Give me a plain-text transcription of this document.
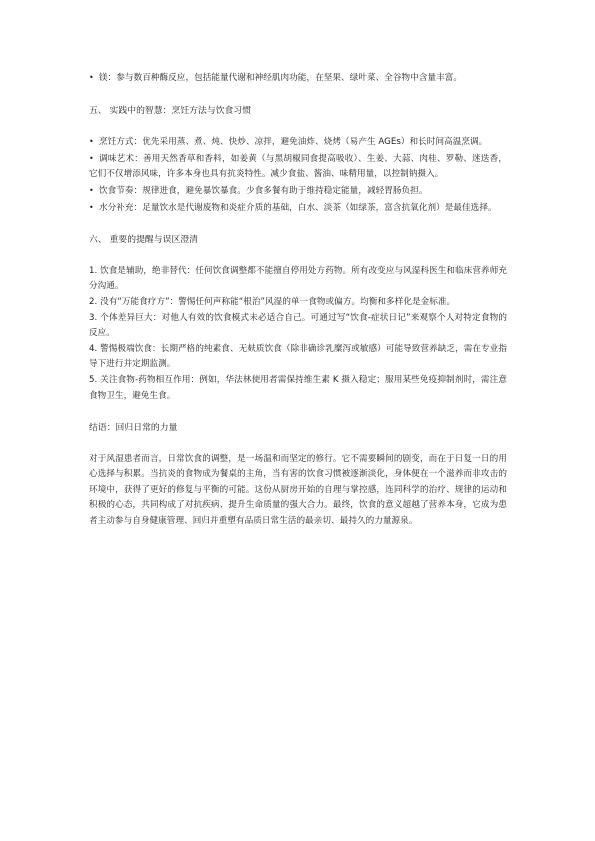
• 镁：参与数百种酶反应，包括能量代谢和神经肌肉功能，在坚果、绿叶菜、全谷物中含量丰富。

五、 实践中的智慧：烹饪方法与饮食习惯

• 烹饪方式：优先采用蒸、煮、炖、快炒、凉拌，避免油炸、烧烤（易产生 AGEs）和长时间高温烹调。

• 调味艺术：善用天然香草和香料，如姜黄（与黑胡椒同食提高吸收）、生姜、大蒜、肉桂、罗勒、迷迭香，它们不仅增添风味，许多本身也具有抗炎特性。减少食盐、酱油、味精用量，以控制钠摄入。

• 饮食节奏：规律进食，避免暴饮暴食。少食多餐有助于维持稳定能量，减轻胃肠负担。

• 水分补充：足量饮水是代谢废物和炎症介质的基础，白水、淡茶（如绿茶，富含抗氧化剂）是最佳选择。

六、 重要的提醒与误区澄清

1. 饮食是辅助，绝非替代：任何饮食调整都不能擅自停用处方药物。所有改变应与风湿科医生和临床营养师充分沟通。

2. 没有“万能食疗方”：警惕任何声称能“根治”风湿的单一食物或偏方。均衡和多样化是金标准。

3. 个体差异巨大：对他人有效的饮食模式未必适合自己。可通过写“饮食-症状日记”来观察个人对特定食物的反应。

4. 警惕极端饮食：长期严格的纯素食、无麸质饮食（除非确诊乳糜泻或敏感）可能导致营养缺乏，需在专业指导下进行并定期监测。

5. 关注食物-药物相互作用：例如，华法林使用者需保持维生素 K 摄入稳定；服用某些免疫抑制剂时，需注意食物卫生，避免生食。

结语：回归日常的力量

对于风湿患者而言，日常饮食的调整，是一场温和而坚定的修行。它不需要瞬间的剧变，而在于日复一日的用心选择与积累。当抗炎的食物成为餐桌的主角，当有害的饮食习惯被逐渐淡化，身体便在一个滋养而非攻击的环境中，获得了更好的修复与平衡的可能。这份从厨房开始的自理与掌控感，连同科学的治疗、规律的运动和积极的心态，共同构成了对抗疾病、提升生命质量的强大合力。最终，饮食的意义超越了营养本身，它成为患者主动参与自身健康管理、回归并重塑有品质日常生活的最亲切、最持久的力量源泉。
